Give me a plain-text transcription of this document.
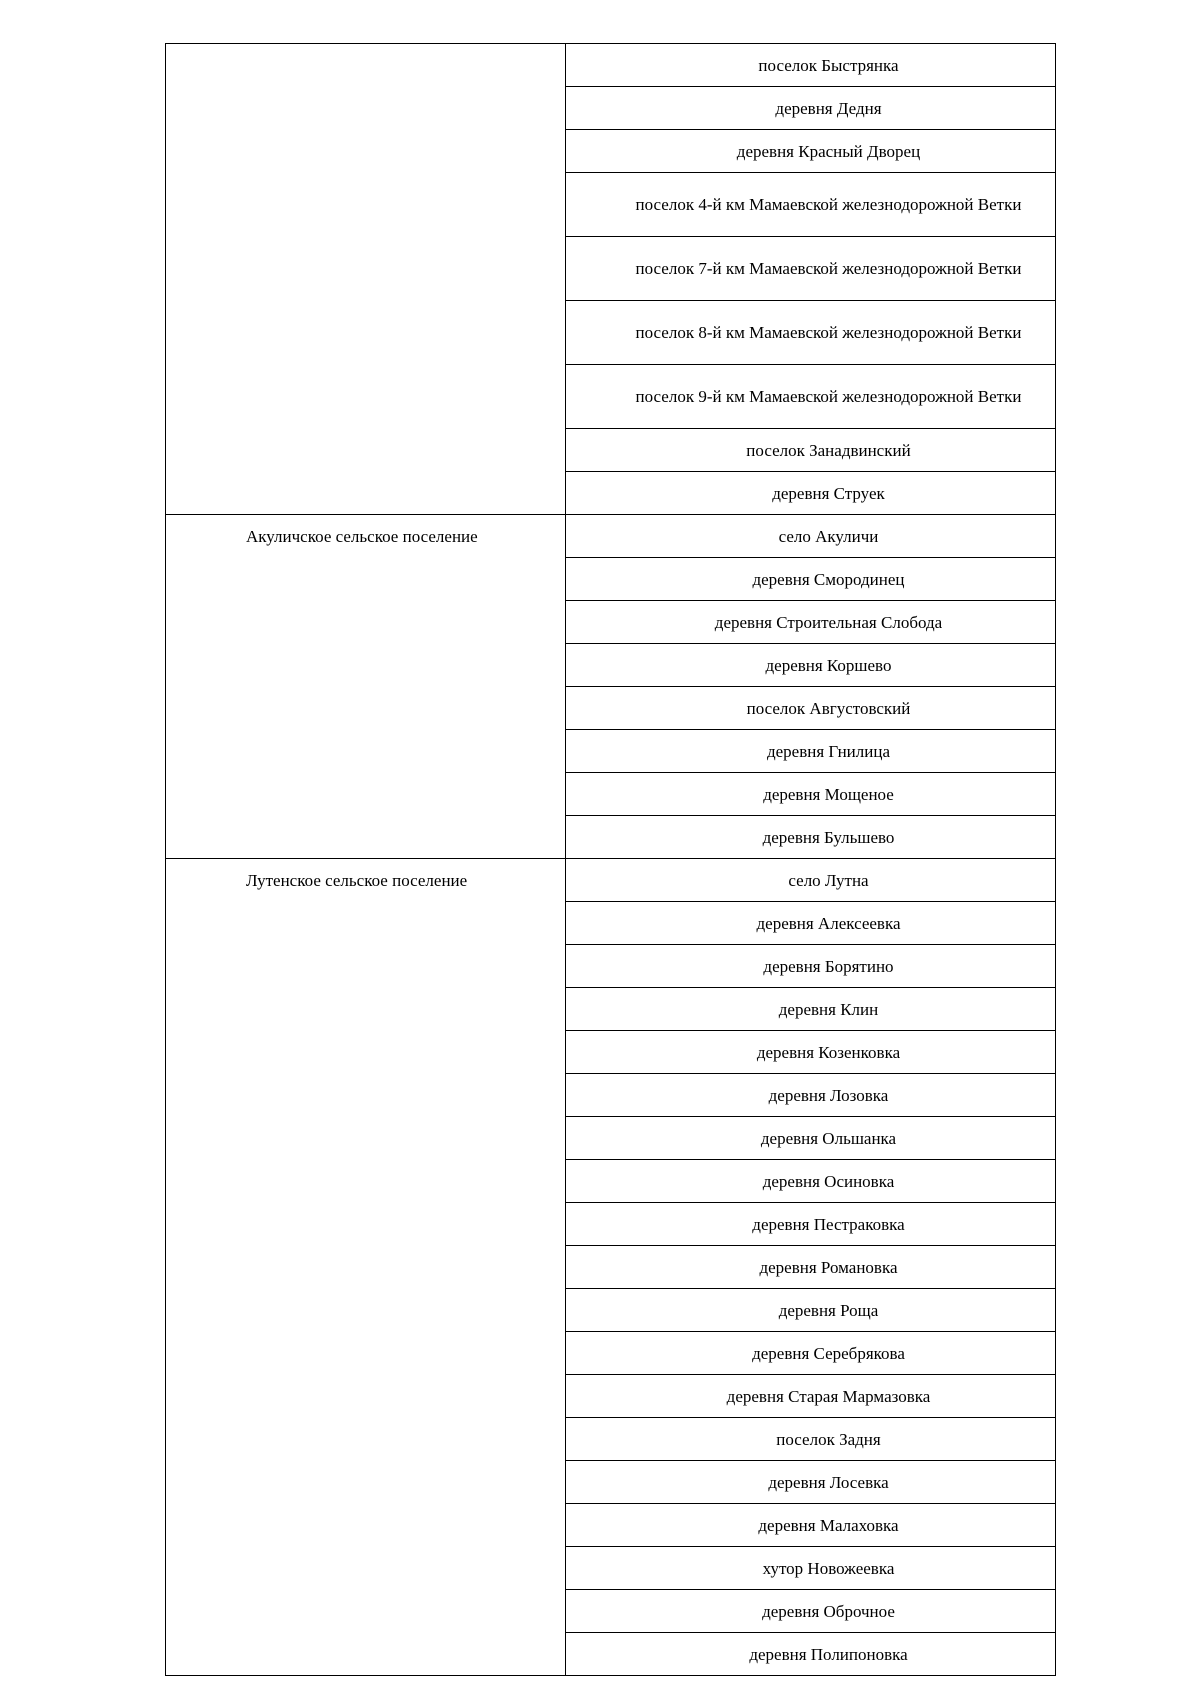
	поселок Быстрянка
	деревня Дедня
	деревня Красный Дворец
	поселок 4-й км Мамаевской железнодорожной Ветки
	поселок 7-й км Мамаевской железнодорожной Ветки
	поселок 8-й км Мамаевской железнодорожной Ветки
	поселок 9-й км Мамаевской железнодорожной Ветки
	поселок Занадвинский
	деревня Струек
Акуличское сельское поселение	село Акуличи
	деревня Смородинец
	деревня Строительная Слобода
	деревня Коршево
	поселок Августовский
	деревня Гнилица
	деревня Мощеное
	деревня Бульшево
Лутенское сельское поселение	село Лутна
	деревня Алексеевка
	деревня Борятино
	деревня Клин
	деревня Козенковка
	деревня Лозовка
	деревня Ольшанка
	деревня Осиновка
	деревня Пестраковка
	деревня Романовка
	деревня Роща
	деревня Серебрякова
	деревня Старая Мармазовка
	поселок Задня
	деревня Лосевка
	деревня Малаховка
	хутор Новожеевка
	деревня Оброчное
	деревня Полипоновка
